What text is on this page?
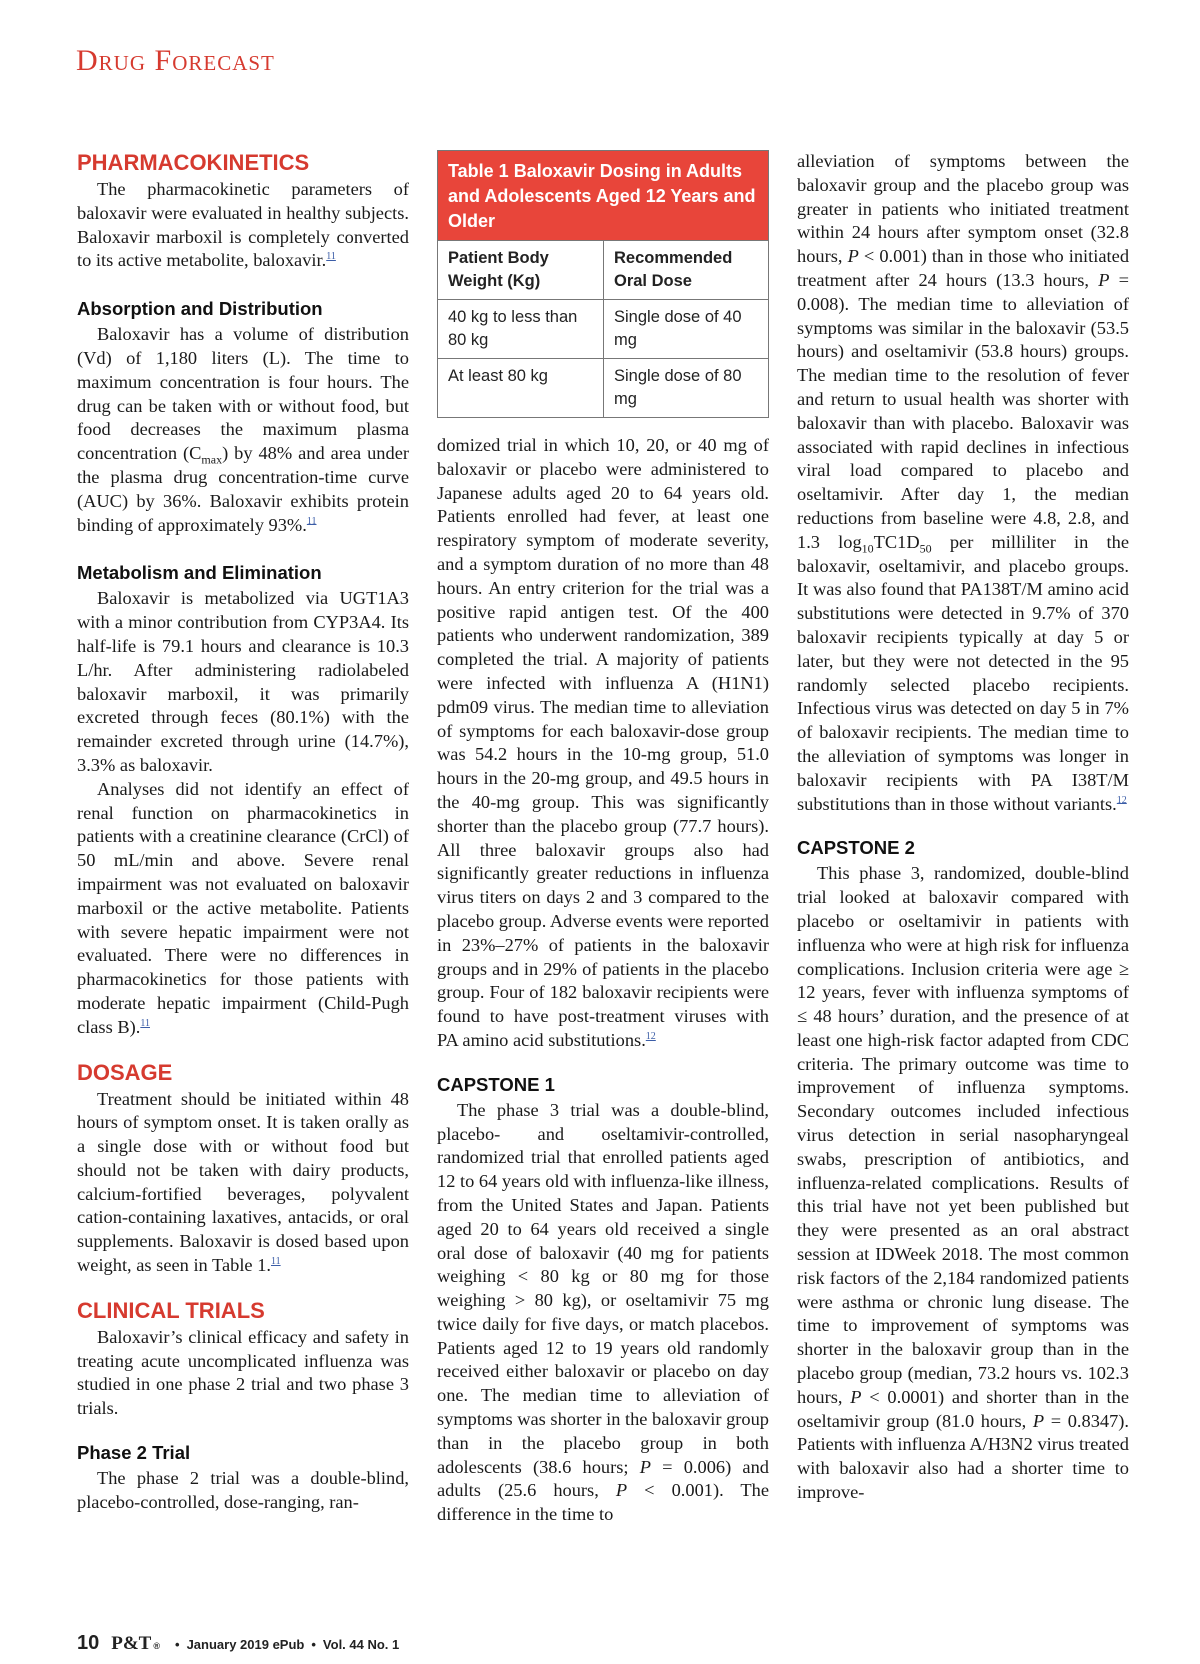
Drug Forecast
PHARMACOKINETICS

The pharmacokinetic parameters of baloxavir were evaluated in healthy subjects. Baloxavir marboxil is completely converted to its active metabolite, baloxavir.$^{11}$

Absorption and Distribution

Baloxavir has a volume of distribution (Vd) of 1,180 liters (L). The time to maximum concentration is four hours. The drug can be taken with or without food, but food decreases the maximum plasma concentration $(C_{max})$ by 48% and area under the plasma drug concentration-time curve (AUC) by 36%. Baloxavir exhibits protein binding of approximately 93%.$^{11}$

Metabolism and Elimination

Baloxavir is metabolized via UGT1A3 with a minor contribution from CYP3A4. Its half-life is 79.1 hours and clearance is 10.3 L/hr. After administering radiolabeled baloxavir marboxil, it was primarily excreted through feces (80.1%) with the remainder excreted through urine (14.7%), 3.3% as baloxavir.

Analyses did not identify an effect of renal function on pharmacokinetics in patients with a creatinine clearance (CrCl) of 50 mL/min and above. Severe renal impairment was not evaluated on baloxavir marboxil or the active metabolite. Patients with severe hepatic impairment were not evaluated. There were no differences in pharmacokinetics for those patients with moderate hepatic impairment (Child-Pugh class B).$^{11}$

DOSAGE

Treatment should be initiated within 48 hours of symptom onset. It is taken orally as a single dose with or without food but should not be taken with dairy products, calcium-fortified beverages, polyvalent cation-containing laxatives, antacids, or oral supplements. Baloxavir is dosed based upon weight, as seen in Table 1.11

CLINICAL TRIALS

Baloxavir’s clinical efficacy and safety in treating acute uncomplicated influenza was studied in one phase 2 trial and two phase 3 trials.

Phase 2 Trial

The phase 2 trial was a double-blind, placebo-controlled, dose-ranging, ran-

Table 1 Baloxavir Dosing in Adults and Adolescents Aged 12 Years and Older
Patient Body Weight (Kg)
Recommended Oral Dose
40 kg to less than 80 kg
Single dose of 40 mg
At least 80 kg	Single dose of 80 mg

domized trial in which 10, 20, or 40 mg of baloxavir or placebo were administered to Japanese adults aged 20 to 64 years old. Patients enrolled had fever, at least one respiratory symptom of moderate severity, and a symptom duration of no more than 48 hours. An entry criterion for the trial was a positive rapid antigen test. Of the 400 patients who underwent randomization, 389 completed the trial. A majority of patients were infected with influenza A (H1N1) pdm09 virus. The median time to alleviation of symptoms for each baloxavir-dose group was 54.2 hours in the 10-mg group, 51.0 hours in the 20-mg group, and 49.5 hours in the 40-mg group. This was significantly shorter than the placebo group (77.7 hours). All three baloxavir groups also had significantly greater reductions in influenza virus titers on days 2 and 3 compared to the placebo group. Adverse events were reported in 23%–27% of patients in the baloxavir groups and in 29% of patients in the placebo group. Four of 182 baloxavir recipients were found to have post-treatment viruses with PA amino acid substitutions.$^{12}$

CAPSTONE 1

The phase 3 trial was a double-blind, placebo- and oseltamivir-controlled, randomized trial that enrolled patients aged 12 to 64 years old with influenza-like illness, from the United States and Japan. Patients aged 20 to 64 years old received a single oral dose of baloxavir (40 mg for patients weighing < 80 kg or 80 mg for those weighing > 80 kg), or oseltamivir 75 mg twice daily for five days, or match placebos. Patients aged 12 to 19 years old randomly received either baloxavir or placebo on day one. The median time to alleviation of symptoms was shorter in the baloxavir group than in the placebo group in both adolescents (38.6 hours; P = 0.006) and adults (25.6 hours, P < 0.001). The difference in the time to

alleviation of symptoms between the baloxavir group and the placebo group was greater in patients who initiated treatment within 24 hours after symptom onset (32.8 hours, P < 0.001) than in those who initiated treatment after 24 hours (13.3 hours, P = 0.008). The median time to alleviation of symptoms was similar in the baloxavir (53.5 hours) and oseltamivir (53.8 hours) groups. The median time to the resolution of fever and return to usual health was shorter with baloxavir than with placebo. Baloxavir was associated with rapid declines in infectious viral load compared to placebo and oseltamivir. After day 1, the median reductions from baseline were 4.8, 2.8, and 1.3 $\log_{10}TC1D_{50}$ per milliliter in the baloxavir, oseltamivir, and placebo groups. It was also found that PA138T/M amino acid substitutions were detected in 9.7% of 370 baloxavir recipients typically at day 5 or later, but they were not detected in the 95 randomly selected placebo recipients. Infectious virus was detected on day 5 in 7% of baloxavir recipients. The median time to the alleviation of symptoms was longer in baloxavir recipients with PA I38T/M substitutions than in those without variants.$^{12}$

CAPSTONE 2

This phase 3, randomized, double-blind trial looked at baloxavir compared with placebo or oseltamivir in patients with influenza who were at high risk for influenza complications. Inclusion criteria were age ≥ 12 years, fever with influenza symptoms of ≤ 48 hours’ duration, and the presence of at least one high-risk factor adapted from CDC criteria. The primary outcome was time to improvement of influenza symptoms. Secondary outcomes included infectious virus detection in serial nasopharyngeal swabs, prescription of antibiotics, and influenza-related complications. Results of this trial have not yet been published but they were presented as an oral abstract session at IDWeek 2018. The most common risk factors of the 2,184 randomized patients were asthma or chronic lung disease. The time to improvement of symptoms was shorter in the baloxavir group than in the placebo group (median, 73.2 hours vs. 102.3 hours, P < 0.0001) and shorter than in the oseltamivir group (81.0 hours, P = 0.8347). Patients with influenza A/H3N2 virus treated with baloxavir also had a shorter time to improve-

10 P&T ® • January 2019 ePub • Vol. 44 No. 1
